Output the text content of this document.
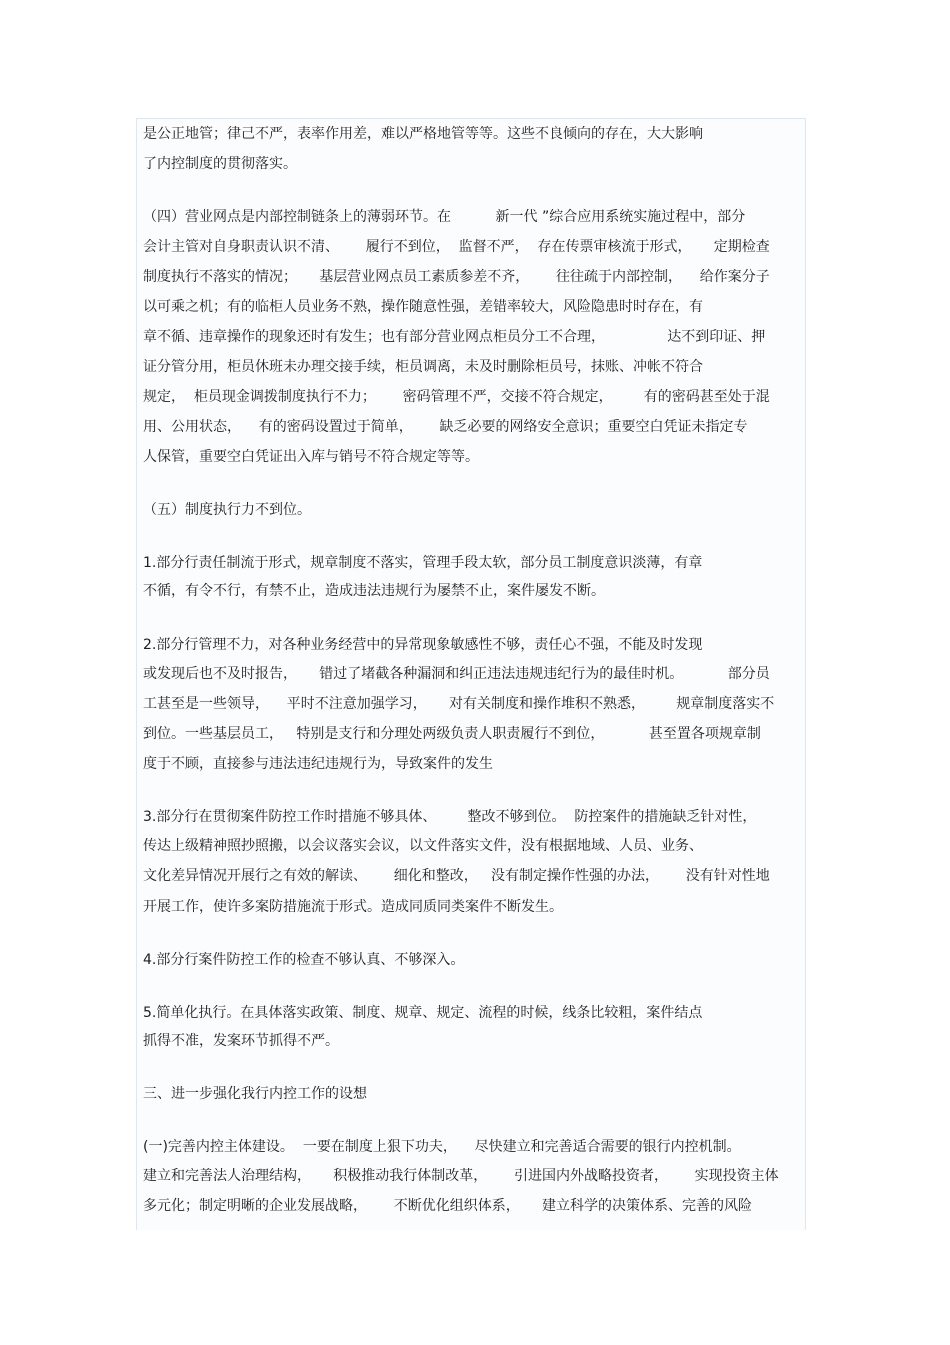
是公正地管；律己不严，表率作用差，难以严格地管等等。这些不良倾向的存在，大大影响
了内控制度的贯彻落实。
（四）营业网点是内部控制链条上的薄弱环节。在          新一代 ”综合应用系统实施过程中，部分
会计主管对自身职责认识不清、      履行不到位，  监督不严，  存在传票审核流于形式，     定期检查
制度执行不落实的情况；     基层营业网点员工素质参差不齐，      往往疏于内部控制，    给作案分子
以可乘之机；有的临柜人员业务不熟，操作随意性强，差错率较大，风险隐患时时存在，有
章不循、违章操作的现象还时有发生；也有部分营业网点柜员分工不合理，              达不到印证、押
证分管分用，柜员休班未办理交接手续，柜员调离，未及时删除柜员号，抹账、冲帐不符合
规定，  柜员现金调拨制度执行不力；      密码管理不严，交接不符合规定，       有的密码甚至处于混
用、公用状态，    有的密码设置过于简单，      缺乏必要的网络安全意识；重要空白凭证未指定专
人保管，重要空白凭证出入库与销号不符合规定等等。
（五）制度执行力不到位。
1.部分行责任制流于形式，规章制度不落实，管理手段太软，部分员工制度意识淡薄，有章
不循，有令不行，有禁不止，造成违法违规行为屡禁不止，案件屡发不断。
2.部分行管理不力，对各种业务经营中的异常现象敏感性不够，责任心不强，不能及时发现
或发现后也不及时报告，     错过了堵截各种漏洞和纠正违法违规违纪行为的最佳时机。          部分员
工甚至是一些领导，    平时不注意加强学习，     对有关制度和操作堆积不熟悉，       规章制度落实不
到位。一些基层员工，   特别是支行和分理处两级负责人职责履行不到位，          甚至置各项规章制
度于不顾，直接参与违法违纪违规行为，导致案件的发生
3.部分行在贯彻案件防控工作时措施不够具体、       整改不够到位。  防控案件的措施缺乏针对性，
传达上级精神照抄照搬，以会议落实会议，以文件落实文件，没有根据地域、人员、业务、
文化差异情况开展行之有效的解读、      细化和整改，   没有制定操作性强的办法，      没有针对性地
开展工作，使许多案防措施流于形式。造成同质同类案件不断发生。
4.部分行案件防控工作的检查不够认真、不够深入。
5.简单化执行。在具体落实政策、制度、规章、规定、流程的时候，线条比较粗，案件结点
抓得不准，发案环节抓得不严。
三、进一步强化我行内控工作的设想
(一)完善内控主体建设。  一要在制度上狠下功夫，    尽快建立和完善适合需要的银行内控机制。
建立和完善法人治理结构，     积极推动我行体制改革，      引进国内外战略投资者，      实现投资主体
多元化；制定明晰的企业发展战略，      不断优化组织体系，     建立科学的决策体系、完善的风险
